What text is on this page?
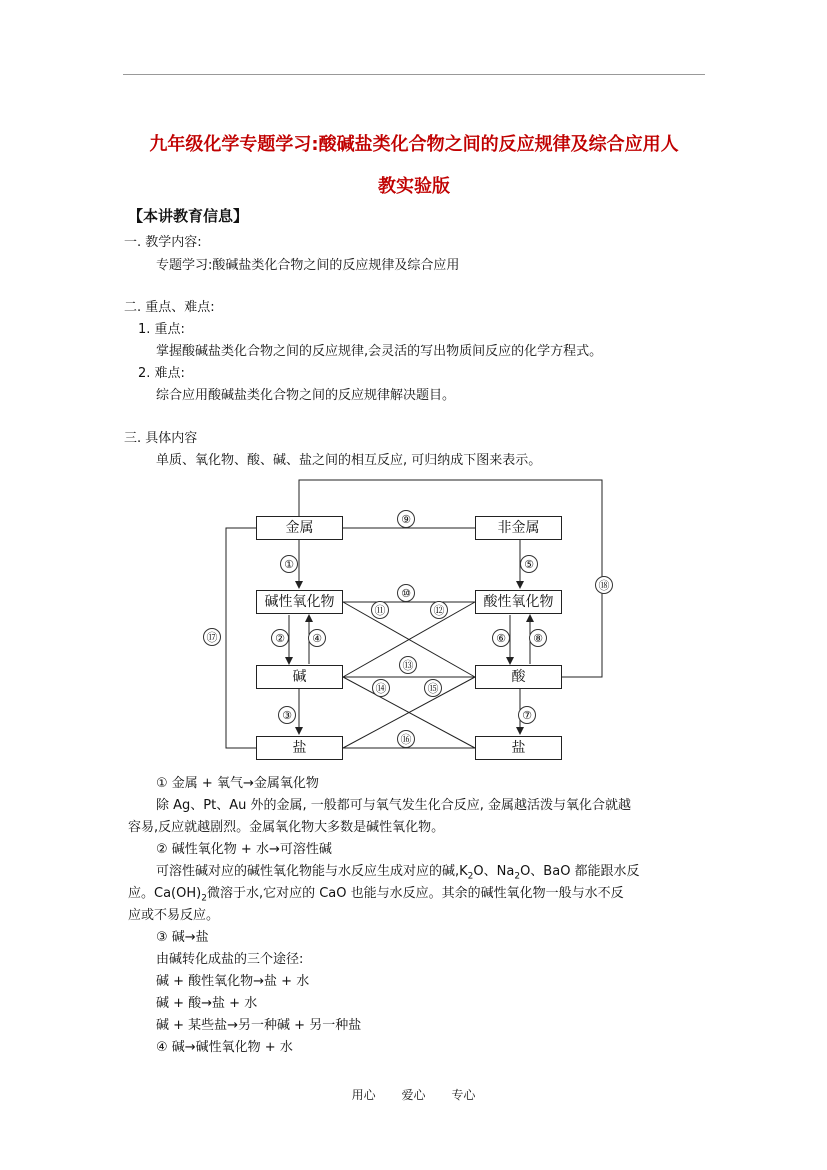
九年级化学专题学习:酸碱盐类化合物之间的反应规律及综合应用人
教实验版
【本讲教育信息】
一. 教学内容:
专题学习:酸碱盐类化合物之间的反应规律及综合应用
二. 重点、难点:
1. 重点:
掌握酸碱盐类化合物之间的反应规律,会灵活的写出物质间反应的化学方程式。
2. 难点:
综合应用酸碱盐类化合物之间的反应规律解决题目。
三. 具体内容
单质、氧化物、酸、碱、盐之间的相互反应, 可归纳成下图来表示。
金属	非金属
碱性氧化物	酸性氧化物
碱	酸
盐	盐
⑨
①	⑤
⑩
⑪	⑫
②	④	⑥	⑧
⑰
⑱
⑬
⑭	⑮
③	⑦
⑯
① 金属 + 氧气→金属氧化物
除 Ag、Pt、Au 外的金属, 一般都可与氧气发生化合反应, 金属越活泼与氧化合就越
容易,反应就越剧烈。金属氧化物大多数是碱性氧化物。
② 碱性氧化物 + 水→可溶性碱
可溶性碱对应的碱性氧化物能与水反应生成对应的碱$,K_2O$、$Na_2O$、BaO 都能跟水反
应。$Ca(OH)_2$微溶于水,它对应的 CaO 也能与水反应。其余的碱性氧化物一般与水不反
应或不易反应。
③ 碱→盐
由碱转化成盐的三个途径:
碱 + 酸性氧化物→盐 + 水
碱 + 酸→盐 + 水
碱 + 某些盐→另一种碱 + 另一种盐
④ 碱→碱性氧化物 + 水
用心 爱心 专心
